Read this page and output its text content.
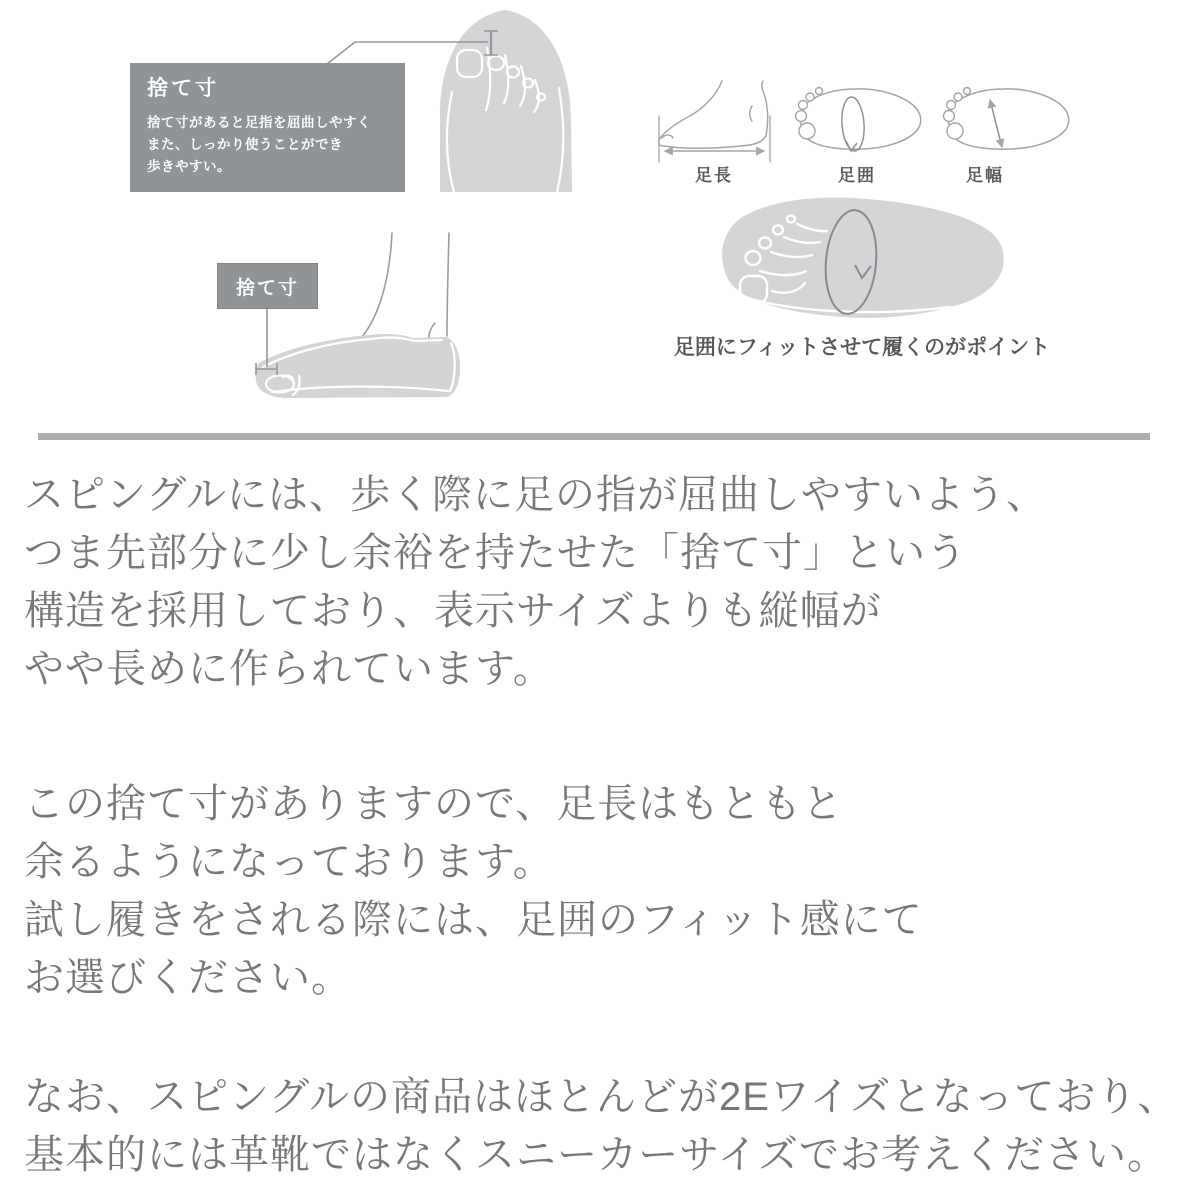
捨て寸
捨て寸があると足指を屈曲しやすく
また、しっかり使うことができ
歩きやすい。
捨て寸
足長	足囲	足幅
足囲にフィットさせて履くのがポイント
スピングルには、歩く際に足の指が屈曲しやすいよう、
つま先部分に少し余裕を持たせた「捨て寸」という
構造を採用しており、表示サイズよりも縦幅が
やや長めに作られています。
この捨て寸がありますので、足長はもともと
余るようになっております。
試し履きをされる際には、足囲のフィット感にて
お選びください。
なお、スピングルの商品はほとんどが2Eワイズとなっており、
基本的には革靴ではなくスニーカーサイズでお考えください。
